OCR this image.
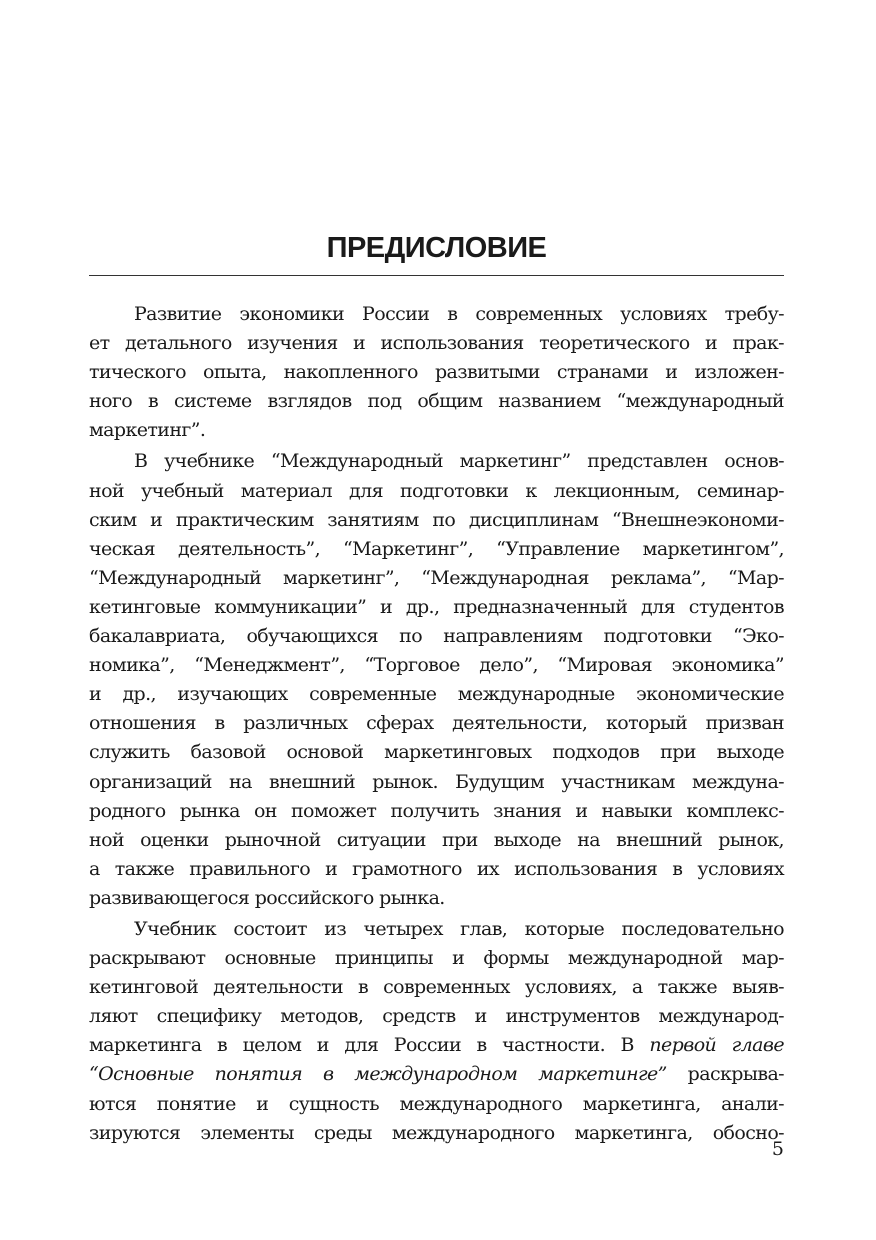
ПРЕДИСЛОВИЕ
Развитие экономики России в современных условиях требу-
ет детального изучения и использования теоретического и прак-
тического опыта, накопленного развитыми странами и изложен-
ного в системе взглядов под общим названием “международный
маркетинг”.
В учебнике “Международный маркетинг” представлен основ-
ной учебный материал для подготовки к лекционным, семинар-
ским и практическим занятиям по дисциплинам “Внешнеэкономи-
ческая деятельность”, “Маркетинг”, “Управление маркетингом”,
“Международный маркетинг”, “Международная реклама”, “Мар-
кетинговые коммуникации” и др., предназначенный для студентов
бакалавриата, обучающихся по направлениям подготовки “Эко-
номика”, “Менеджмент”, “Торговое дело”, “Мировая экономика”
и др., изучающих современные международные экономические
отношения в различных сферах деятельности, который призван
служить базовой основой маркетинговых подходов при выходе
организаций на внешний рынок. Будущим участникам междуна-
родного рынка он поможет получить знания и навыки комплекс-
ной оценки рыночной ситуации при выходе на внешний рынок,
а также правильного и грамотного их использования в условиях
развивающегося российского рынка.
Учебник состоит из четырех глав, которые последовательно
раскрывают основные принципы и формы международной мар-
кетинговой деятельности в современных условиях, а также выяв-
ляют специфику методов, средств и инструментов международ-
маркетинга в целом и для России в частности. В первой главе
“Основные понятия в международном маркетинге” раскрыва-
ются понятие и сущность международного маркетинга, анали-
зируются элементы среды международного маркетинга, обосно-
5
